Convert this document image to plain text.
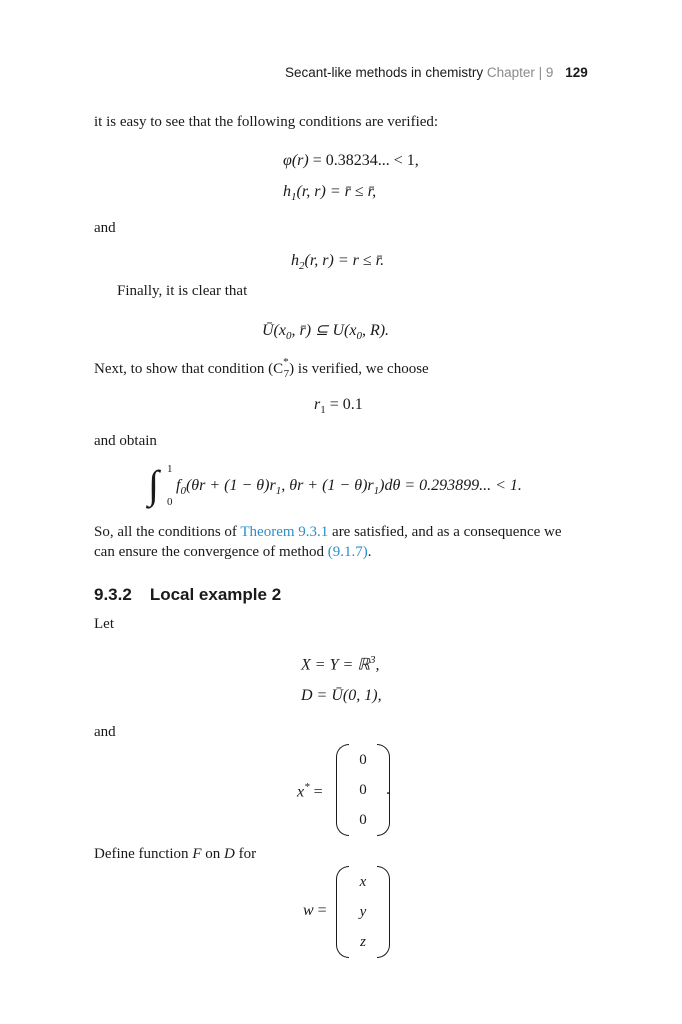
Secant-like methods in chemistry Chapter | 9 129
it is easy to see that the following conditions are verified:
φ(r) = 0.38234... < 1,
$h_1(r$, r) = r̄ ≤ r̄,
and
$h_2(r$, r) = r ≤ r̄.
Finally, it is clear that
$Ū(x_0$, r̄) ⊆ $U(x_0$, R).
Next, to show that condition $(C^*_7)$ is verified, we choose
$r_1 = 0.1$
and obtain
∫ 1
0
$f_0(\theta r + (1 - \theta)r_1$, $\theta r + (1 - \theta)r_1)d\theta = 0.293899$... < 1.
So, all the conditions of Theorem 9.3.1 are satisfied, and as a consequence we
can ensure the convergence of method (9.1.7).
9.3.2 Local example 2
Let
X = Y = ℝ$^3$,
D = Ū(0, 1),
and
x* =
0
0
0
.
Define function F on D for
w =
x
y
z
